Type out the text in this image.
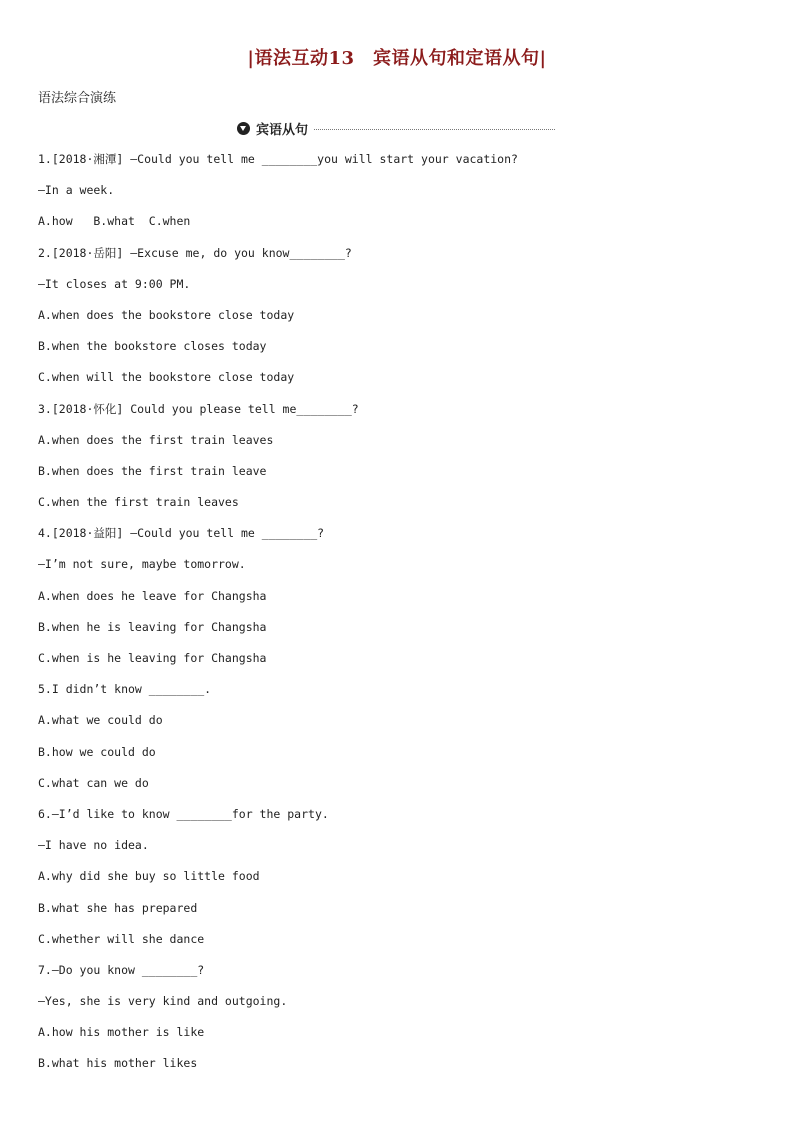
|语法互动13　宾语从句和定语从句|
语法综合演练
宾语从句
1.[2018·湘潭] —Could you tell me ________you will start your vacation?
—In a week.
A.how   B.what  C.when
2.[2018·岳阳] —Excuse me, do you know________?
—It closes at 9:00 PM.
A.when does the bookstore close today
B.when the bookstore closes today
C.when will the bookstore close today
3.[2018·怀化] Could you please tell me________?
A.when does the first train leaves
B.when does the first train leave
C.when the first train leaves
4.[2018·益阳] —Could you tell me ________?
—I’m not sure, maybe tomorrow.
A.when does he leave for Changsha
B.when he is leaving for Changsha
C.when is he leaving for Changsha
5.I didn’t know ________.
A.what we could do
B.how we could do
C.what can we do
6.—I’d like to know ________for the party.
—I have no idea.
A.why did she buy so little food
B.what she has prepared
C.whether will she dance
7.—Do you know ________?
—Yes, she is very kind and outgoing.
A.how his mother is like
B.what his mother likes
